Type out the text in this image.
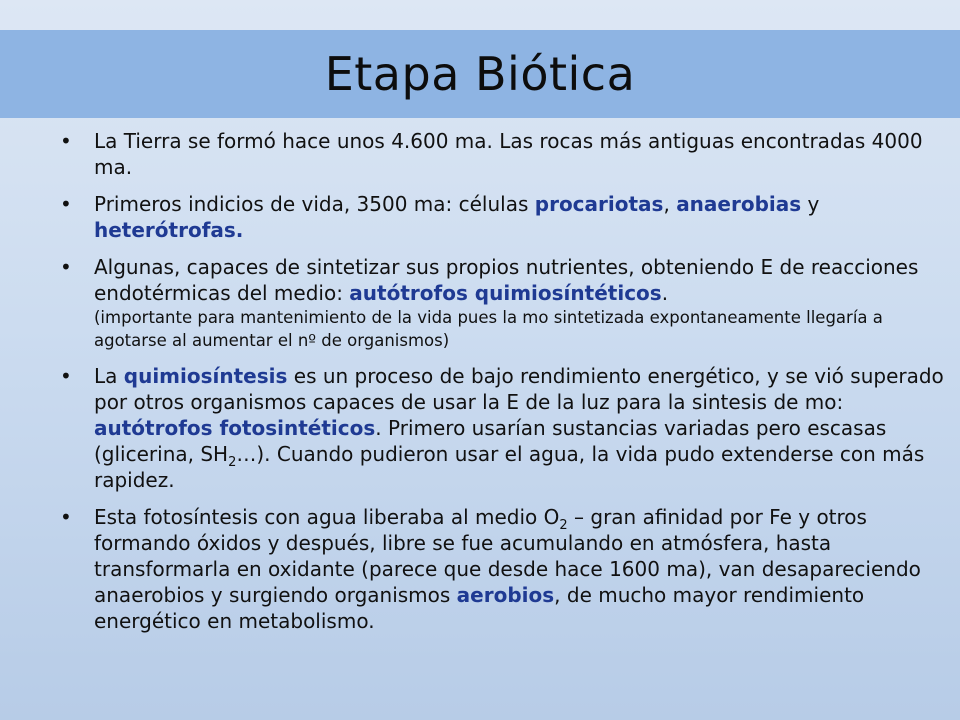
Etapa Biótica
• La Tierra se formó hace unos 4.600 ma. Las rocas más antiguas encontradas 4000 ma.
• Primeros indicios de vida, 3500 ma: células procariotas, anaerobias y heterótrofas.
• Algunas, capaces de sintetizar sus propios nutrientes, obteniendo E de reacciones endotérmicas del medio: autótrofos quimiosíntéticos.
(importante para mantenimiento de la vida pues la mo sintetizada expontaneamente llegaría a agotarse al aumentar el nº de organismos)
• La quimiosíntesis es un proceso de bajo rendimiento energético, y se vió superado por otros organismos capaces de usar la E de la luz para la sintesis de mo: autótrofos fotosintéticos. Primero usarían sustancias variadas pero escasas (glicerina, $SH_2\dots$). Cuando pudieron usar el agua, la vida pudo extenderse con más rapidez.
• Esta fotosíntesis con agua liberaba al medio $O_2$ – gran afinidad por Fe y otros formando óxidos y después, libre se fue acumulando en atmósfera, hasta transformarla en oxidante (parece que desde hace 1600 ma), van desapareciendo anaerobios y surgiendo organismos aerobios, de mucho mayor rendimiento energético en metabolismo.
